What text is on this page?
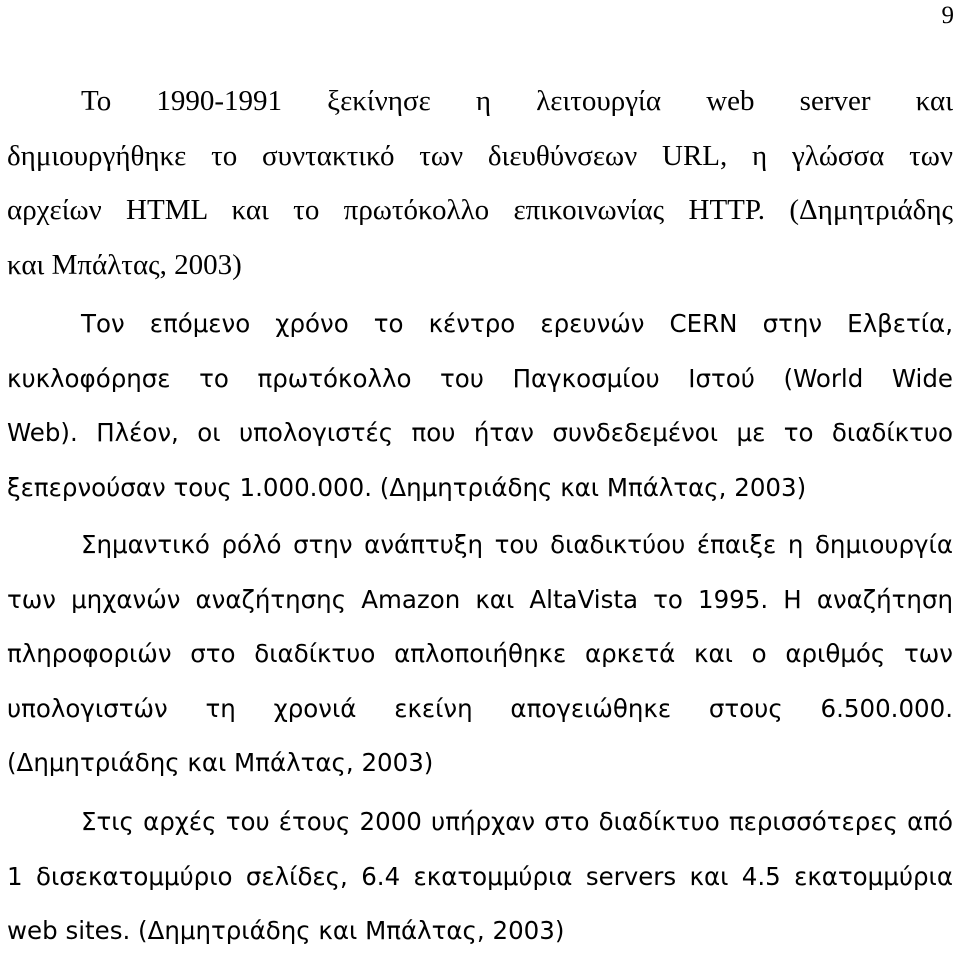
9
Το 1990-1991 ξεκίνησε η λειτουργία web server και
δημιουργήθηκε το συντακτικό των διευθύνσεων URL, η γλώσσα των
αρχείων HTML και το πρωτόκολλο επικοινωνίας HTTP. (Δημητριάδης
και Μπάλτας, 2003)
Τον επόμενο χρόνο το κέντρο ερευνών CERN στην Ελβετία,
κυκλοφόρησε το πρωτόκολλο του Παγκοσμίου Ιστού (World Wide
Web). Πλέον, οι υπολογιστές που ήταν συνδεδεμένοι με το διαδίκτυο
ξεπερνούσαν τους 1.000.000. (Δημητριάδης και Μπάλτας, 2003)
Σημαντικό ρόλό στην ανάπτυξη του διαδικτύου έπαιξε η δημιουργία
των μηχανών αναζήτησης Amazon και AltaVista το 1995. Η αναζήτηση
πληροφοριών στο διαδίκτυο απλοποιήθηκε αρκετά και ο αριθμός των
υπολογιστών τη χρονιά εκείνη απογειώθηκε στους 6.500.000.
(Δημητριάδης και Μπάλτας, 2003)
Στις αρχές του έτους 2000 υπήρχαν στο διαδίκτυο περισσότερες από
1 δισεκατομμύριο σελίδες, 6.4 εκατομμύρια servers και 4.5 εκατομμύρια
web sites. (Δημητριάδης και Μπάλτας, 2003)
